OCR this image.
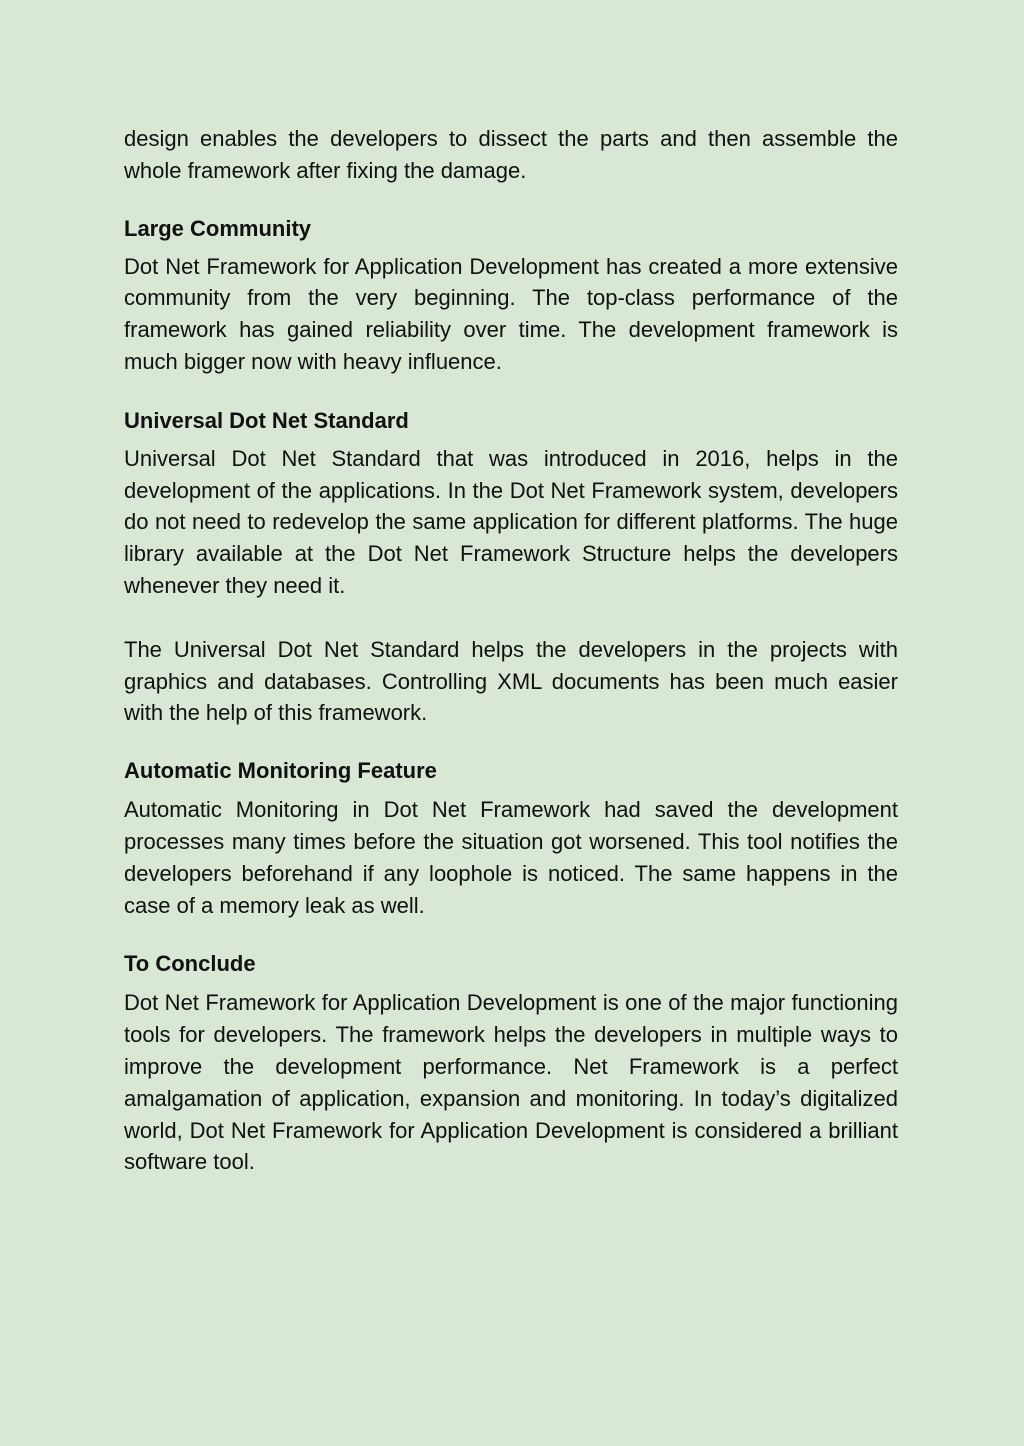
design enables the developers to dissect the parts and then assemble the whole framework after fixing the damage.

Large Community

Dot Net Framework for Application Development has created a more extensive community from the very beginning. The top-class performance of the framework has gained reliability over time. The development framework is much bigger now with heavy influence.

Universal Dot Net Standard

Universal Dot Net Standard that was introduced in 2016, helps in the development of the applications. In the Dot Net Framework system, developers do not need to redevelop the same application for different platforms. The huge library available at the Dot Net Framework Structure helps the developers whenever they need it.

The Universal Dot Net Standard helps the developers in the projects with graphics and databases. Controlling XML documents has been much easier with the help of this framework.

Automatic Monitoring Feature

Automatic Monitoring in Dot Net Framework had saved the development processes many times before the situation got worsened. This tool notifies the developers beforehand if any loophole is noticed. The same happens in the case of a memory leak as well.

To Conclude

Dot Net Framework for Application Development is one of the major functioning tools for developers. The framework helps the developers in multiple ways to improve the development performance. Net Framework is a perfect amalgamation of application, expansion and monitoring. In today’s digitalized world, Dot Net Framework for Application Development is considered a brilliant software tool.
